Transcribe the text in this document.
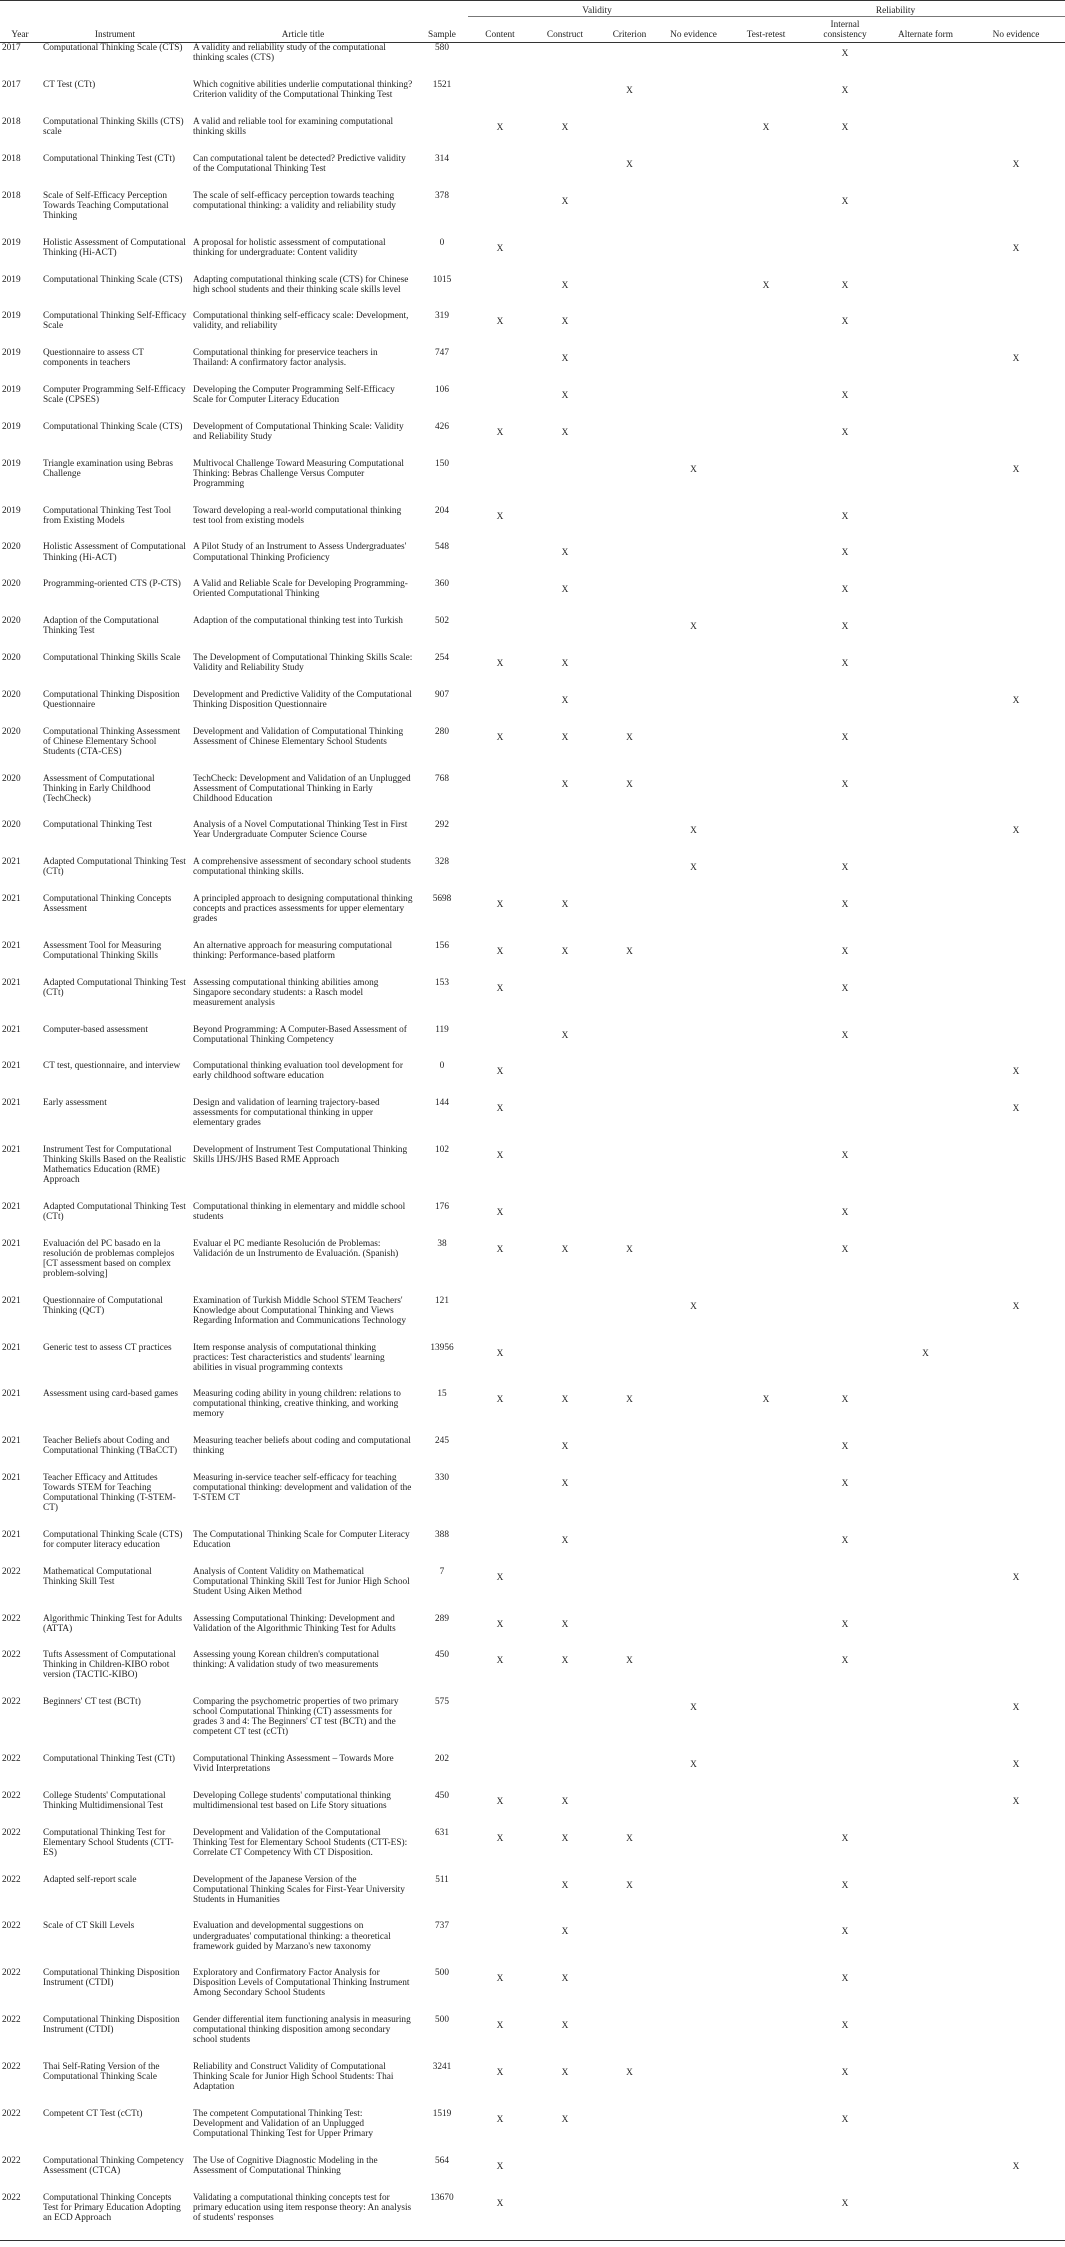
				Validity				Reliability			
Year	Instrument	Article title	Sample	Content	Construct	Criterion	No evidence	Test-retest	Internal consistency	Alternate form	No evidence
2017	Computational Thinking Scale (CTS)	A validity and reliability study of the computational thinking scales (CTS)	580						X		
2017	CT Test (CTt)	Which cognitive abilities underlie computational thinking? Criterion validity of the Computational Thinking Test	1521			X			X		
2018	Computational Thinking Skills (CTS) scale	A valid and reliable tool for examining computational thinking skills		X	X			X	X		
2018	Computational Thinking Test (CTt)	Can computational talent be detected? Predictive validity of the Computational Thinking Test	314			X					X
2018	Scale of Self-Efficacy Perception Towards Teaching Computational Thinking	The scale of self-efficacy perception towards teaching computational thinking: a validity and reliability study	378		X				X		
2019	Holistic Assessment of Computational Thinking (Hi-ACT)	A proposal for holistic assessment of computational thinking for undergraduate: Content validity	0	X							X
2019	Computational Thinking Scale (CTS)	Adapting computational thinking scale (CTS) for Chinese high school students and their thinking scale skills level	1015		X			X	X		
2019	Computational Thinking Self-Efficacy Scale	Computational thinking self-efficacy scale: Development, validity, and reliability	319	X	X				X		
2019	Questionnaire to assess CT components in teachers	Computational thinking for preservice teachers in Thailand: A confirmatory factor analysis.	747		X						X
2019	Computer Programming Self-Efficacy Scale (CPSES)	Developing the Computer Programming Self-Efficacy Scale for Computer Literacy Education	106		X				X		
2019	Computational Thinking Scale (CTS)	Development of Computational Thinking Scale: Validity and Reliability Study	426	X	X				X		
2019	Triangle examination using Bebras Challenge	Multivocal Challenge Toward Measuring Computational Thinking: Bebras Challenge Versus Computer Programming	150				X				X
2019	Computational Thinking Test Tool from Existing Models	Toward developing a real-world computational thinking test tool from existing models	204	X					X		
2020	Holistic Assessment of Computational Thinking (Hi-ACT)	A Pilot Study of an Instrument to Assess Undergraduates' Computational Thinking Proficiency	548		X				X		
2020	Programming-oriented CTS (P-CTS)	A Valid and Reliable Scale for Developing Programming-Oriented Computational Thinking	360		X				X		
2020	Adaption of the Computational Thinking Test	Adaption of the computational thinking test into Turkish	502				X		X		
2020	Computational Thinking Skills Scale	The Development of Computational Thinking Skills Scale: Validity and Reliability Study	254	X	X				X		
2020	Computational Thinking Disposition Questionnaire	Development and Predictive Validity of the Computational Thinking Disposition Questionnaire	907		X						X
2020	Computational Thinking Assessment of Chinese Elementary School Students (CTA-CES)	Development and Validation of Computational Thinking Assessment of Chinese Elementary School Students	280	X	X	X			X		
2020	Assessment of Computational Thinking in Early Childhood (TechCheck)	TechCheck: Development and Validation of an Unplugged Assessment of Computational Thinking in Early Childhood Education	768		X	X			X		
2020	Computational Thinking Test	Analysis of a Novel Computational Thinking Test in First Year Undergraduate Computer Science Course	292				X				X
2021	Adapted Computational Thinking Test (CTt)	A comprehensive assessment of secondary school students computational thinking skills.	328				X		X		
2021	Computational Thinking Concepts Assessment	A principled approach to designing computational thinking concepts and practices assessments for upper elementary grades	5698	X	X				X		
2021	Assessment Tool for Measuring Computational Thinking Skills	An alternative approach for measuring computational thinking: Performance-based platform	156	X	X	X			X		
2021	Adapted Computational Thinking Test (CTt)	Assessing computational thinking abilities among Singapore secondary students: a Rasch model measurement analysis	153	X					X		
2021	Computer-based assessment	Beyond Programming: A Computer-Based Assessment of Computational Thinking Competency	119		X				X		
2021	CT test, questionnaire, and interview	Computational thinking evaluation tool development for early childhood software education	0	X							X
2021	Early assessment	Design and validation of learning trajectory-based assessments for computational thinking in upper elementary grades	144	X							X
2021	Instrument Test for Computational Thinking Skills Based on the Realistic Mathematics Education (RME) Approach	Development of Instrument Test Computational Thinking Skills IJHS/JHS Based RME Approach	102	X					X		
2021	Adapted Computational Thinking Test (CTt)	Computational thinking in elementary and middle school students	176	X					X		
2021	Evaluación del PC basado en la resolución de problemas complejos [CT assessment based on complex problem-solving]	Evaluar el PC mediante Resolución de Problemas: Validación de un Instrumento de Evaluación. (Spanish)	38	X	X	X			X		
2021	Questionnaire of Computational Thinking (QCT)	Examination of Turkish Middle School STEM Teachers' Knowledge about Computational Thinking and Views Regarding Information and Communications Technology	121				X				X
2021	Generic test to assess CT practices	Item response analysis of computational thinking practices: Test characteristics and students' learning abilities in visual programming contexts	13956	X						X	
2021	Assessment using card-based games	Measuring coding ability in young children: relations to computational thinking, creative thinking, and working memory	15	X	X	X		X	X		
2021	Teacher Beliefs about Coding and Computational Thinking (TBaCCT)	Measuring teacher beliefs about coding and computational thinking	245		X				X		
2021	Teacher Efficacy and Attitudes Towards STEM for Teaching Computational Thinking (T-STEM-CT)	Measuring in-service teacher self-efficacy for teaching computational thinking: development and validation of the T-STEM CT	330		X				X		
2021	Computational Thinking Scale (CTS) for computer literacy education	The Computational Thinking Scale for Computer Literacy Education	388		X				X		
2022	Mathematical Computational Thinking Skill Test	Analysis of Content Validity on Mathematical Computational Thinking Skill Test for Junior High School Student Using Aiken Method	7	X							X
2022	Algorithmic Thinking Test for Adults (ATTA)	Assessing Computational Thinking: Development and Validation of the Algorithmic Thinking Test for Adults	289	X	X				X		
2022	Tufts Assessment of Computational Thinking in Children-KIBO robot version (TACTIC-KIBO)	Assessing young Korean children's computational thinking: A validation study of two measurements	450	X	X	X			X		
2022	Beginners' CT test (BCTt)	Comparing the psychometric properties of two primary school Computational Thinking (CT) assessments for grades 3 and 4: The Beginners' CT test (BCTt) and the competent CT test (cCTt)	575				X				X
2022	Computational Thinking Test (CTt)	Computational Thinking Assessment – Towards More Vivid Interpretations	202				X				X
2022	College Students' Computational Thinking Multidimensional Test	Developing College students' computational thinking multidimensional test based on Life Story situations	450	X	X						X
2022	Computational Thinking Test for Elementary School Students (CTT-ES)	Development and Validation of the Computational Thinking Test for Elementary School Students (CTT-ES): Correlate CT Competency With CT Disposition.	631	X	X	X			X		
2022	Adapted self-report scale	Development of the Japanese Version of the Computational Thinking Scales for First-Year University Students in Humanities	511		X	X			X		
2022	Scale of CT Skill Levels	Evaluation and developmental suggestions on undergraduates' computational thinking: a theoretical framework guided by Marzano's new taxonomy	737		X				X		
2022	Computational Thinking Disposition Instrument (CTDI)	Exploratory and Confirmatory Factor Analysis for Disposition Levels of Computational Thinking Instrument Among Secondary School Students	500	X	X				X		
2022	Computational Thinking Disposition Instrument (CTDI)	Gender differential item functioning analysis in measuring computational thinking disposition among secondary school students	500	X	X				X		
2022	Thai Self-Rating Version of the Computational Thinking Scale	Reliability and Construct Validity of Computational Thinking Scale for Junior High School Students: Thai Adaptation	3241	X	X	X			X		
2022	Competent CT Test (cCTt)	The competent Computational Thinking Test: Development and Validation of an Unplugged Computational Thinking Test for Upper Primary	1519	X	X				X		
2022	Computational Thinking Competency Assessment (CTCA)	The Use of Cognitive Diagnostic Modeling in the Assessment of Computational Thinking	564	X							X
2022	Computational Thinking Concepts Test for Primary Education Adopting an ECD Approach	Validating a computational thinking concepts test for primary education using item response theory: An analysis of students' responses	13670	X					X		
